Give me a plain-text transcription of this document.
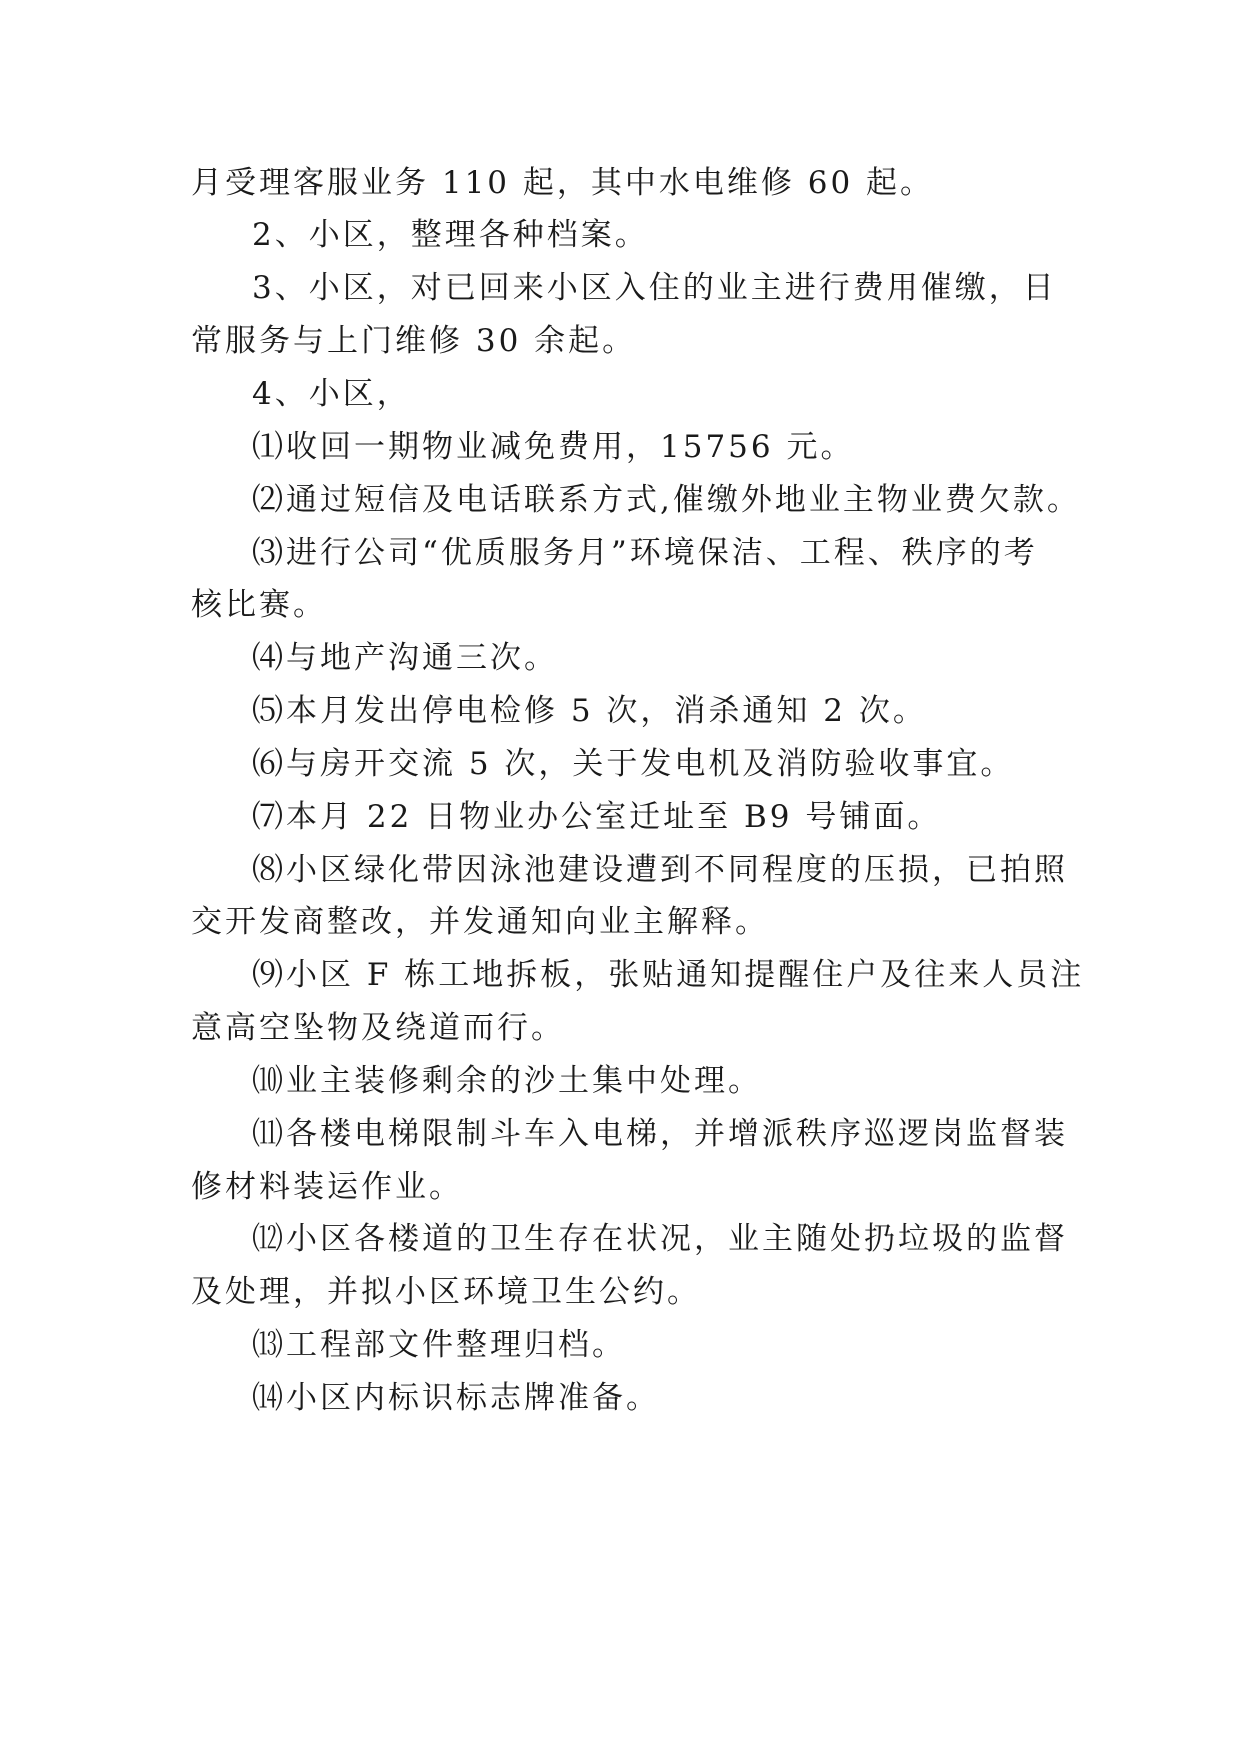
月受理客服业务 110 起，其中水电维修 60 起。
2、小区，整理各种档案。
3、小区，对已回来小区入住的业主进行费用催缴，日
常服务与上门维修 30 余起。
4、小区，
⑴收回一期物业减免费用，15756 元。
⑵通过短信及电话联系方式,催缴外地业主物业费欠款。
⑶进行公司“优质服务月”环境保洁、工程、秩序的考
核比赛。
⑷与地产沟通三次。
⑸本月发出停电检修 5 次，消杀通知 2 次。
⑹与房开交流 5 次，关于发电机及消防验收事宜。
⑺本月 22 日物业办公室迁址至 B9 号铺面。
⑻小区绿化带因泳池建设遭到不同程度的压损，已拍照
交开发商整改，并发通知向业主解释。
⑼小区 F 栋工地拆板，张贴通知提醒住户及往来人员注
意高空坠物及绕道而行。
⑽业主装修剩余的沙土集中处理。
⑾各楼电梯限制斗车入电梯，并增派秩序巡逻岗监督装
修材料装运作业。
⑿小区各楼道的卫生存在状况，业主随处扔垃圾的监督
及处理，并拟小区环境卫生公约。
⒀工程部文件整理归档。
⒁小区内标识标志牌准备。
